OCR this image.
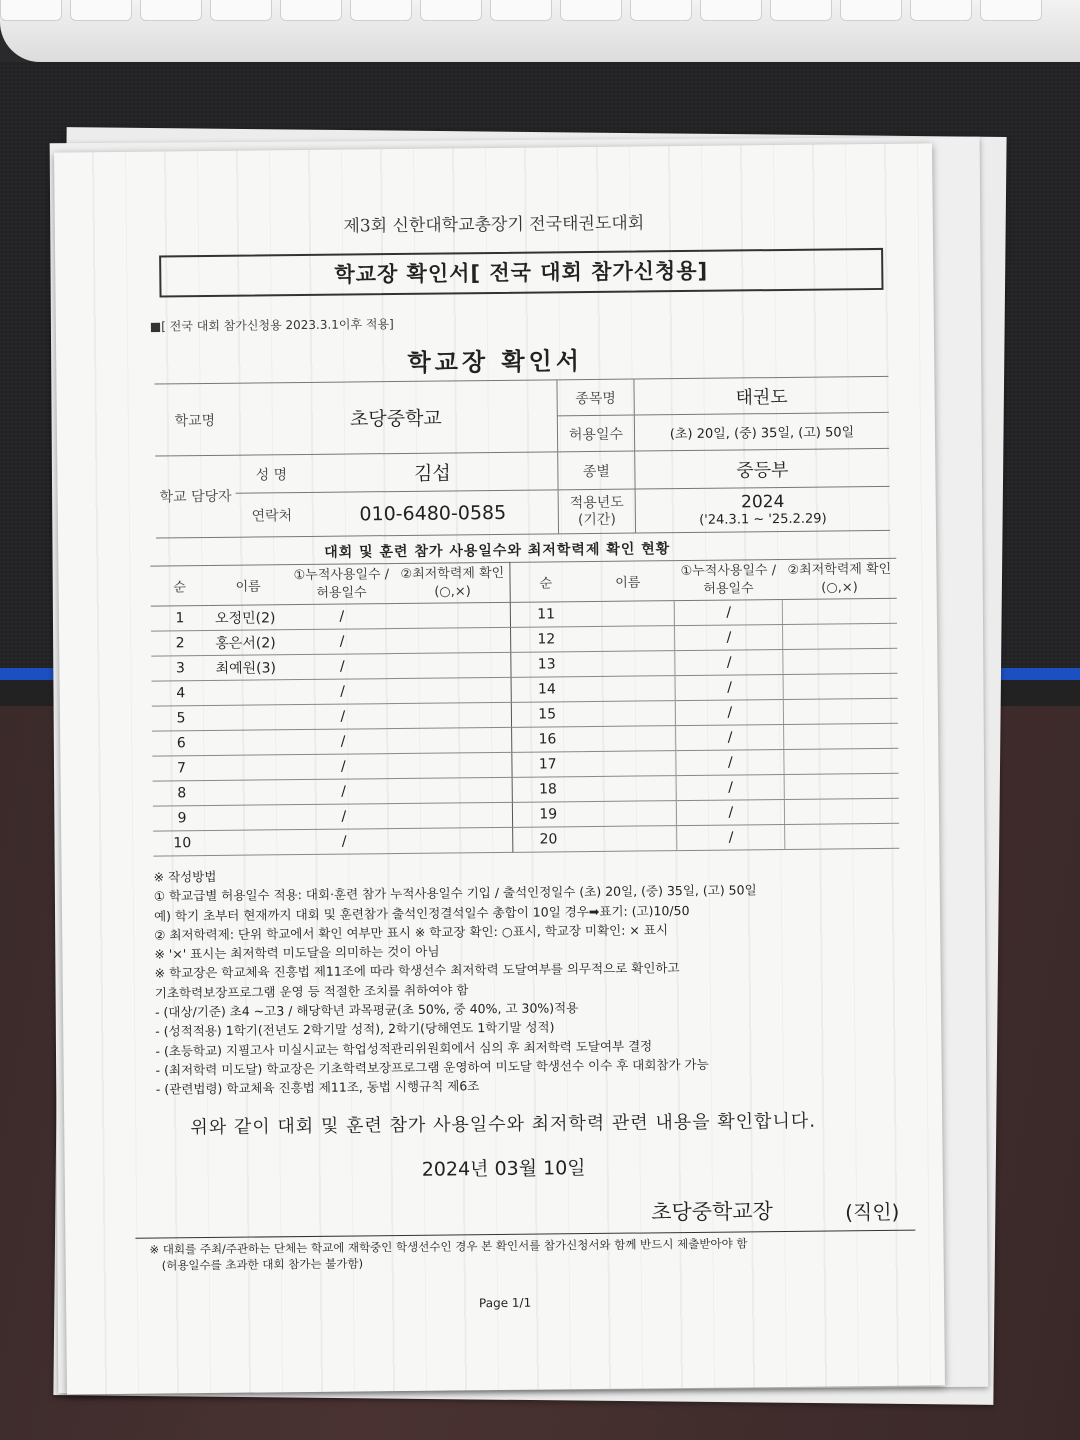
제3회 신한대학교총장기 전국태권도대회
학교장 확인서[ 전국 대회 참가신청용]
■[ 전국 대회 참가신청용 2023.3.1이후 적용]
학교장 확인서
학교명	초당중학교		종목명	태권도
			허용일수	(초) 20일, (중) 35일, (고) 50일
학교 담당자	성 명	김섭	종별	중등부
	연락처	010-6480-0585	적용년도 (기간)	2024
('24.3.1 ~ '25.2.29)
대회 및 훈련 참가 사용일수와 최저학력제 확인 현황
순	이름	①누적사용일수 /허용일수	②최저학력제 확인(○,×)	순	이름	①누적사용일수 /허용일수	②최저학력제 확인(○,×)
1	오정민(2)	/		11		/	
2	홍은서(2)	/		12		/	
3	최예원(3)	/		13		/	
4		/		14		/	
5		/		15		/	
6		/		16		/	
7		/		17		/	
8		/		18		/	
9		/		19		/	
10		/		20		/	
※ 작성방법
① 학교급별 허용일수 적용: 대회·훈련 참가 누적사용일수 기입 / 출석인정일수 (초) 20일, (중) 35일, (고) 50일
예) 학기 초부터 현재까지 대회 및 훈련참가 출석인정결석일수 총합이 10일 경우➡표기: (고)10/50
② 최저학력제: 단위 학교에서 확인 여부만 표시 ※ 학교장 확인: ○표시, 학교장 미확인: × 표시
※ '×' 표시는 최저학력 미도달을 의미하는 것이 아님
※ 학교장은 학교체육 진흥법 제11조에 따라 학생선수 최저학력 도달여부를 의무적으로 확인하고
기초학력보장프로그램 운영 등 적절한 조치를 취하여야 함
- (대상/기준) 초4 ~고3 / 해당학년 과목평균(초 50%, 중 40%, 고 30%)적용
- (성적적용) 1학기(전년도 2학기말 성적), 2학기(당해연도 1학기말 성적)
- (초등학교) 지필고사 미실시교는 학업성적관리위원회에서 심의 후 최저학력 도달여부 결정
- (최저학력 미도달) 학교장은 기초학력보장프로그램 운영하여 미도달 학생선수 이수 후 대회참가 가능
- (관련법령) 학교체육 진흥법 제11조, 동법 시행규칙 제6조
위와 같이 대회 및 훈련 참가 사용일수와 최저학력 관련 내용을 확인합니다.
2024년 03월 10일
초당중학교장	(직인)
※ 대회를 주최/주관하는 단체는 학교에 재학중인 학생선수인 경우 본 확인서를 참가신청서와 함께 반드시 제출받아야 함
(허용일수를 초과한 대회 참가는 불가함)
Page 1/1
